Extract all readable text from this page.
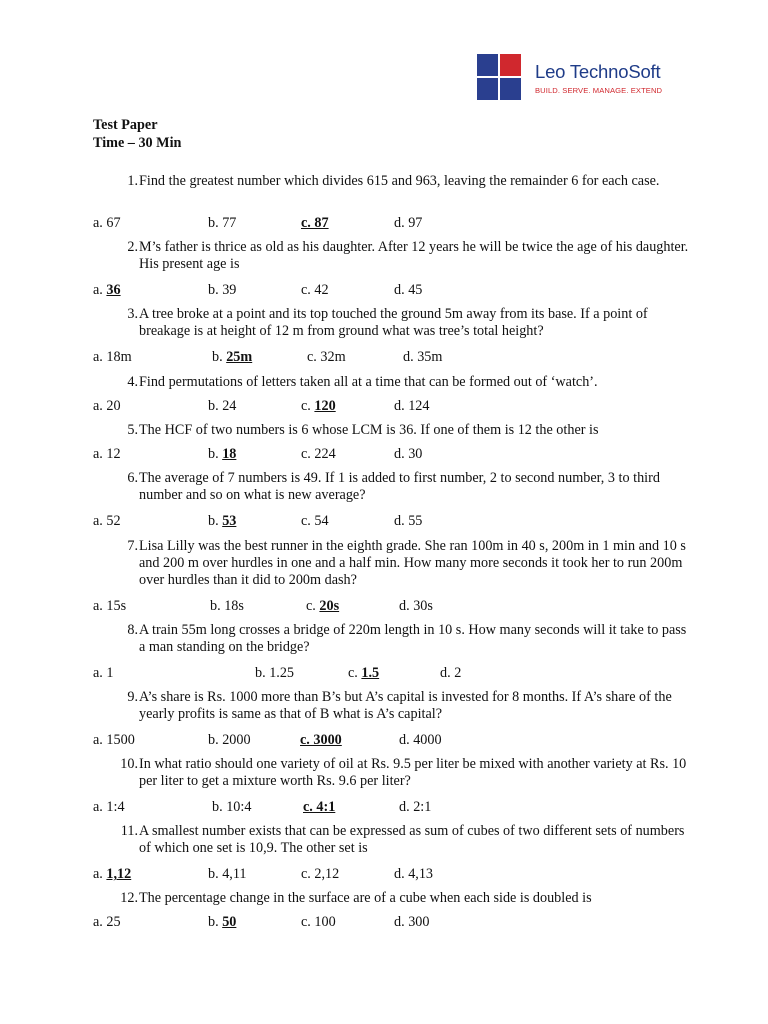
Leo TechnoSoft
BUILD. SERVE. MANAGE. EXTEND
Test Paper
Time – 30 Min
1. Find the greatest number which divides 615 and 963, leaving the remainder 6 for each case.
a. 67	b. 77	c. 87	d. 97
2. M’s father is thrice as old as his daughter. After 12 years he will be twice the age of his daughter. His present age is
a. 36	b. 39	c. 42	d. 45
3. A tree broke at a point and its top touched the ground 5m away from its base. If a point of breakage is at height of 12 m from ground what was tree’s total height?
a. 18m	b. 25m	c. 32m	d. 35m
4. Find permutations of letters taken all at a time that can be formed out of ‘watch’.
a. 20	b. 24	c. 120	d. 124
5. The HCF of two numbers is 6 whose LCM is 36. If one of them is 12 the other is
a. 12	b. 18	c. 224	d. 30
6. The average of 7 numbers is 49. If 1 is added to first number, 2 to second number, 3 to third number and so on what is new average?
a. 52	b. 53	c. 54	d. 55
7. Lisa Lilly was the best runner in the eighth grade. She ran 100m in 40 s, 200m in 1 min and 10 s and 200 m over hurdles in one and a half min. How many more seconds it took her to run 200m over hurdles than it did to 200m dash?
a. 15s	b. 18s	c. 20s	d. 30s
8. A train 55m long crosses a bridge of 220m length in 10 s. How many seconds will it take to pass a man standing on the bridge?
a. 1	b. 1.25	c. 1.5	d. 2
9. A’s share is Rs. 1000 more than B’s but A’s capital is invested for 8 months. If A’s share of the yearly profits is same as that of B what is A’s capital?
a. 1500	b. 2000	c. 3000	d. 4000
10. In what ratio should one variety of oil at Rs. 9.5 per liter be mixed with another variety at Rs. 10 per liter to get a mixture worth Rs. 9.6 per liter?
a. 1:4	b. 10:4	c. 4:1	d. 2:1
11. A smallest number exists that can be expressed as sum of cubes of two different sets of numbers of which one set is 10,9. The other set is
a. 1,12	b. 4,11	c. 2,12	d. 4,13
12. The percentage change in the surface are of a cube when each side is doubled is
a. 25	b. 50	c. 100	d. 300
